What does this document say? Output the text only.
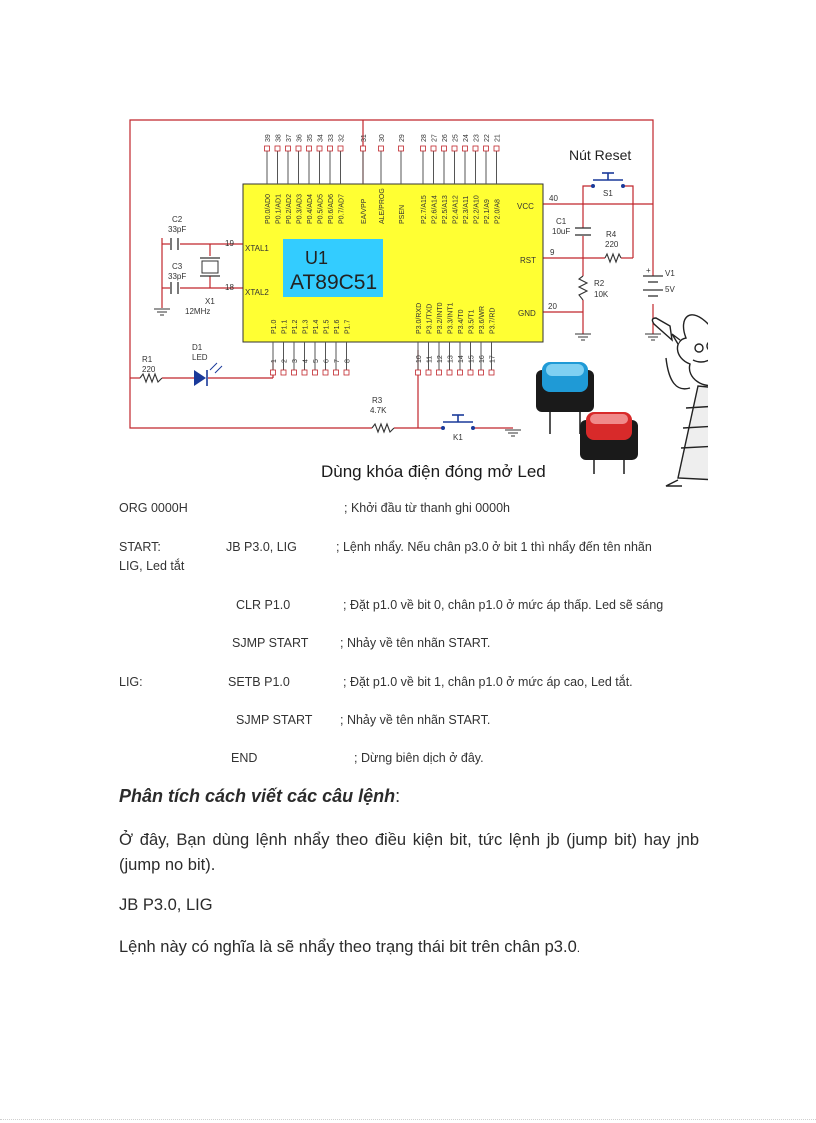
U1
AT89C51
39
P0.0/AD0
38
P0.1/AD1
37
P0.2/AD2
36
P0.3/AD3
35
P0.4/AD4
34
P0.5/AD5
33
P0.6/AD6
32
P0.7/AD7
31
EA/VPP
30
ALE/PROG
29
PSEN
28
P2.7/A15
27
P2.6/A14
26
P2.5/A13
25
P2.4/A12
24
P2.3/A11
23
P2.2/A10
22
P2.1/A9
21
P2.0/A8
1
P1.0
2
P1.1
3
P1.2
4
P1.3
5
P1.4
6
P1.5
7
P1.6
8
P1.7
10
P3.0/RXD
11
P3.1/TXD
12
P3.2/INT0
13
P3.3/INT1
14
P3.4/T0
15
P3.5/T1
16
P3.6/WR
17
P3.7/RD
XTAL1
19
XTAL2
18
VCC
40
RST
9
GND
20
C2
33pF
C3
33pF
X1
12MHz
Nút Reset
S1
C1
10uF	R4
220
R2
10K
+ V1
5V
R1
220
D1
LED
R3
4.7K
K1
Dùng khóa điện đóng mở Led
ORG 0000H	; Khởi đầu từ thanh ghi 0000h
START:	JB P3.0, LIG	; Lệnh nhẩy. Nếu chân p3.0 ở bit 1 thì nhẩy đến tên nhãn
LIG, Led tắt
CLR P1.0	; Đặt p1.0 về bit 0, chân p1.0 ở mức áp thấp. Led sẽ sáng
SJMP START	; Nhảy về tên nhãn START.
LIG:	SETB P1.0	; Đặt p1.0 về bit 1, chân p1.0 ở mức áp cao, Led tắt.
SJMP START ; Nhảy về tên nhãn START.
END	; Dừng biên dịch ở đây.
Phân tích cách viết các câu lệnh:
Ở đây, Bạn dùng lệnh nhẩy theo điều kiện bit, tức lệnh jb (jump bit) hay jnb (jump no bit).
JB P3.0, LIG
Lệnh này có nghĩa là sẽ nhẩy theo trạng thái bit trên chân p3.0.
